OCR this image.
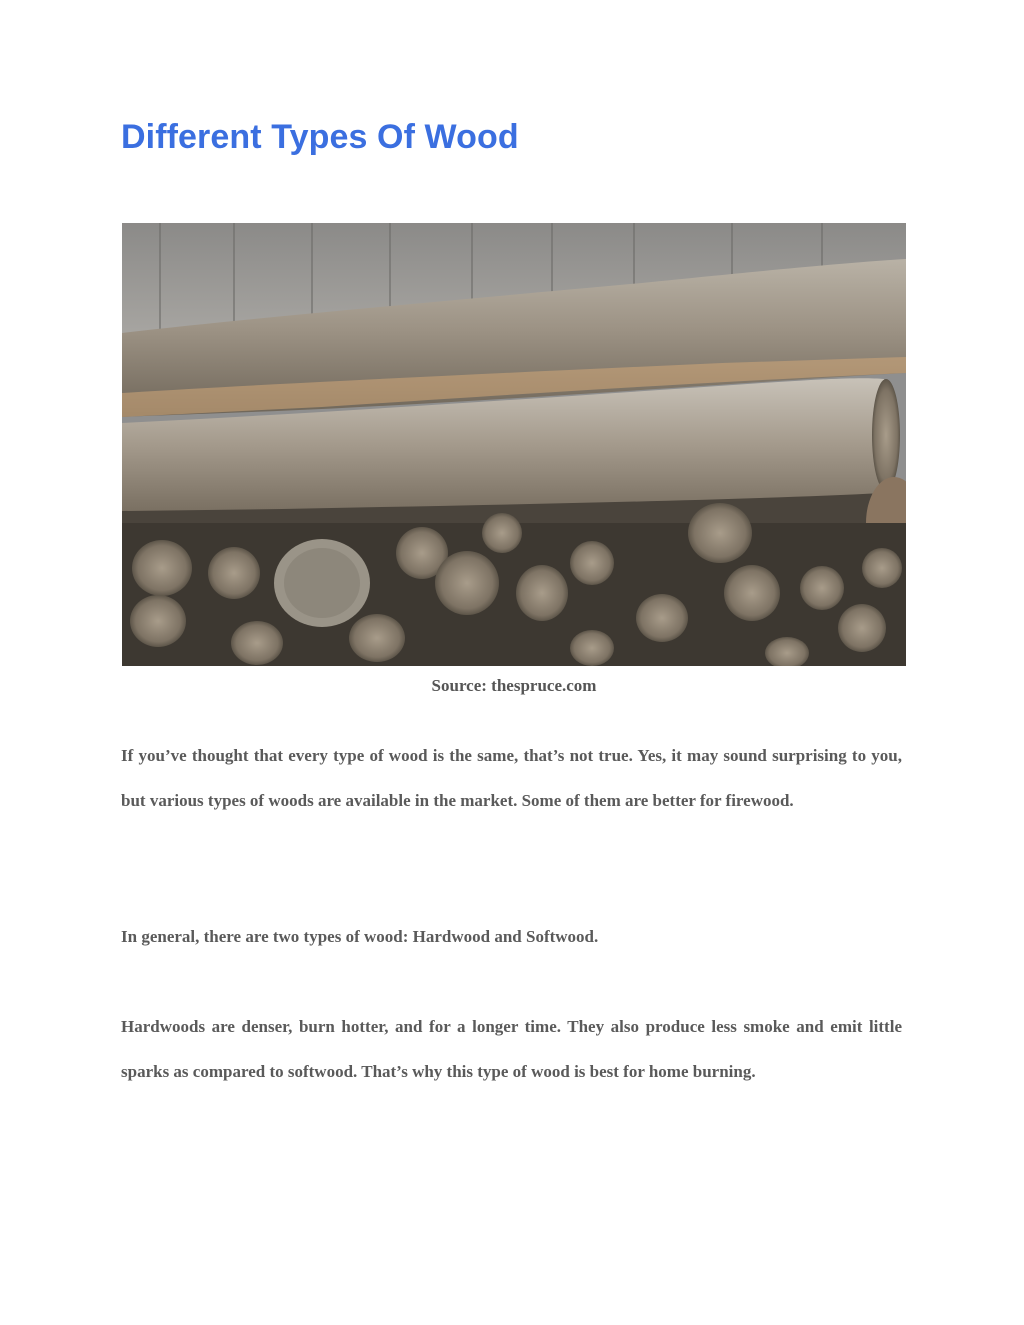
Different Types Of Wood
Source: thespruce.com

If you’ve thought that every type of wood is the same, that’s not true. Yes, it may sound surprising to you, but various types of woods are available in the market. Some of them are better for firewood.

In general, there are two types of wood: Hardwood and Softwood.

Hardwoods are denser, burn hotter, and for a longer time. They also produce less smoke and emit little sparks as compared to softwood. That’s why this type of wood is best for home burning.
